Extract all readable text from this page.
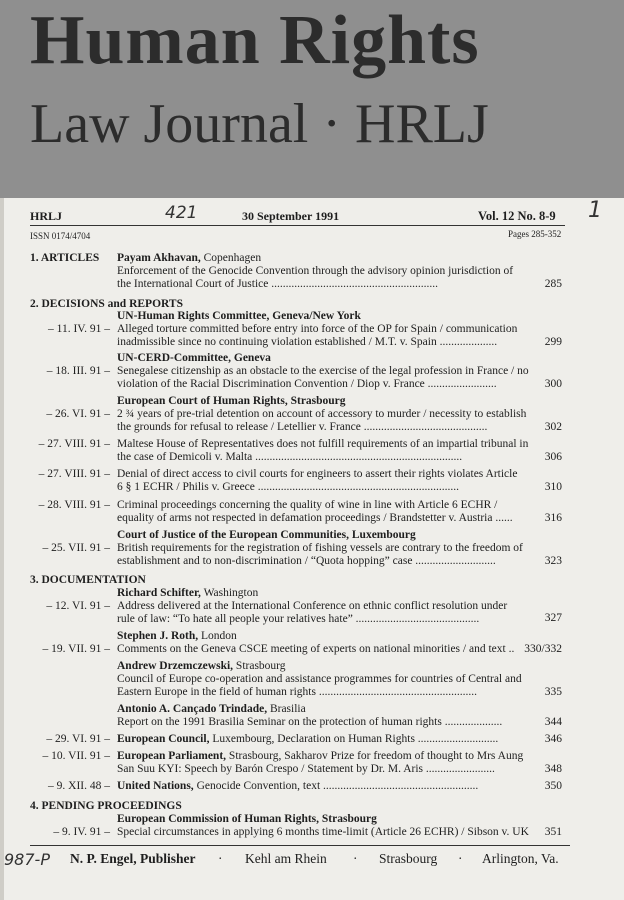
Human Rights
Law Journal · HRLJ
HRLJ	421	30 September 1991	Vol. 12 No. 8-9 1
ISSN 0174/4704	Pages 285-352
1. ARTICLES Payam Akhavan, Copenhagen
Enforcement of the Genocide Convention through the advisory opinion jurisdiction of
the International Court of Justice ..........................................................	285
2. DECISIONS and REPORTS
UN-Human Rights Committee, Geneva/New York
– 11. IV. 91 – Alleged torture committed before entry into force of the OP for Spain / communication
inadmissible since no continuing violation established / M.T. v. Spain ....................	299
UN-CERD-Committee, Geneva
– 18. III. 91 – Senegalese citizenship as an obstacle to the exercise of the legal profession in France / no
violation of the Racial Discrimination Convention / Diop v. France ........................	300
European Court of Human Rights, Strasbourg
– 26. VI. 91 – 2 ¾ years of pre-trial detention on account of accessory to murder / necessity to establish
the grounds for refusal to release / Letellier v. France ...........................................	302
– 27. VIII. 91 – Maltese House of Representatives does not fulfill requirements of an impartial tribunal in
the case of Demicoli v. Malta ........................................................................	306
– 27. VIII. 91 – Denial of direct access to civil courts for engineers to assert their rights violates Article
6 § 1 ECHR / Philis v. Greece ......................................................................	310
– 28. VIII. 91 – Criminal proceedings concerning the quality of wine in line with Article 6 ECHR /
equality of arms not respected in defamation proceedings / Brandstetter v. Austria ......	316
Court of Justice of the European Communities, Luxembourg
– 25. VII. 91 – British requirements for the registration of fishing vessels are contrary to the freedom of
establishment and to non-discrimination / “Quota hopping” case ............................	323
3. DOCUMENTATION
Richard Schifter, Washington
– 12. VI. 91 – Address delivered at the International Conference on ethnic conflict resolution under
rule of law: “To hate all people your relatives hate” ...........................................	327
Stephen J. Roth, London
– 19. VII. 91 – Comments on the Geneva CSCE meeting of experts on national minorities / and text .. 330/332
Andrew Drzemczewski, Strasbourg
Council of Europe co-operation and assistance programmes for countries of Central and
Eastern Europe in the field of human rights .......................................................	335
Antonio A. Cançado Trindade, Brasilia
Report on the 1991 Brasilia Seminar on the protection of human rights ....................	344
– 29. VI. 91 – European Council, Luxembourg, Declaration on Human Rights ............................	346
– 10. VII. 91 – European Parliament, Strasbourg, Sakharov Prize for freedom of thought to Mrs Aung
San Suu KYI: Speech by Barón Crespo / Statement by Dr. M. Aris ........................	348
– 9. XII. 48 – United Nations, Genocide Convention, text ......................................................	350
4. PENDING PROCEEDINGS
European Commission of Human Rights, Strasbourg
– 9. IV. 91 – Special circumstances in applying 6 months time-limit (Article 26 ECHR) / Sibson v. UK	351
987-P N. P. Engel, Publisher · Kehl am Rhein · Strasbourg · Arlington, Va.
